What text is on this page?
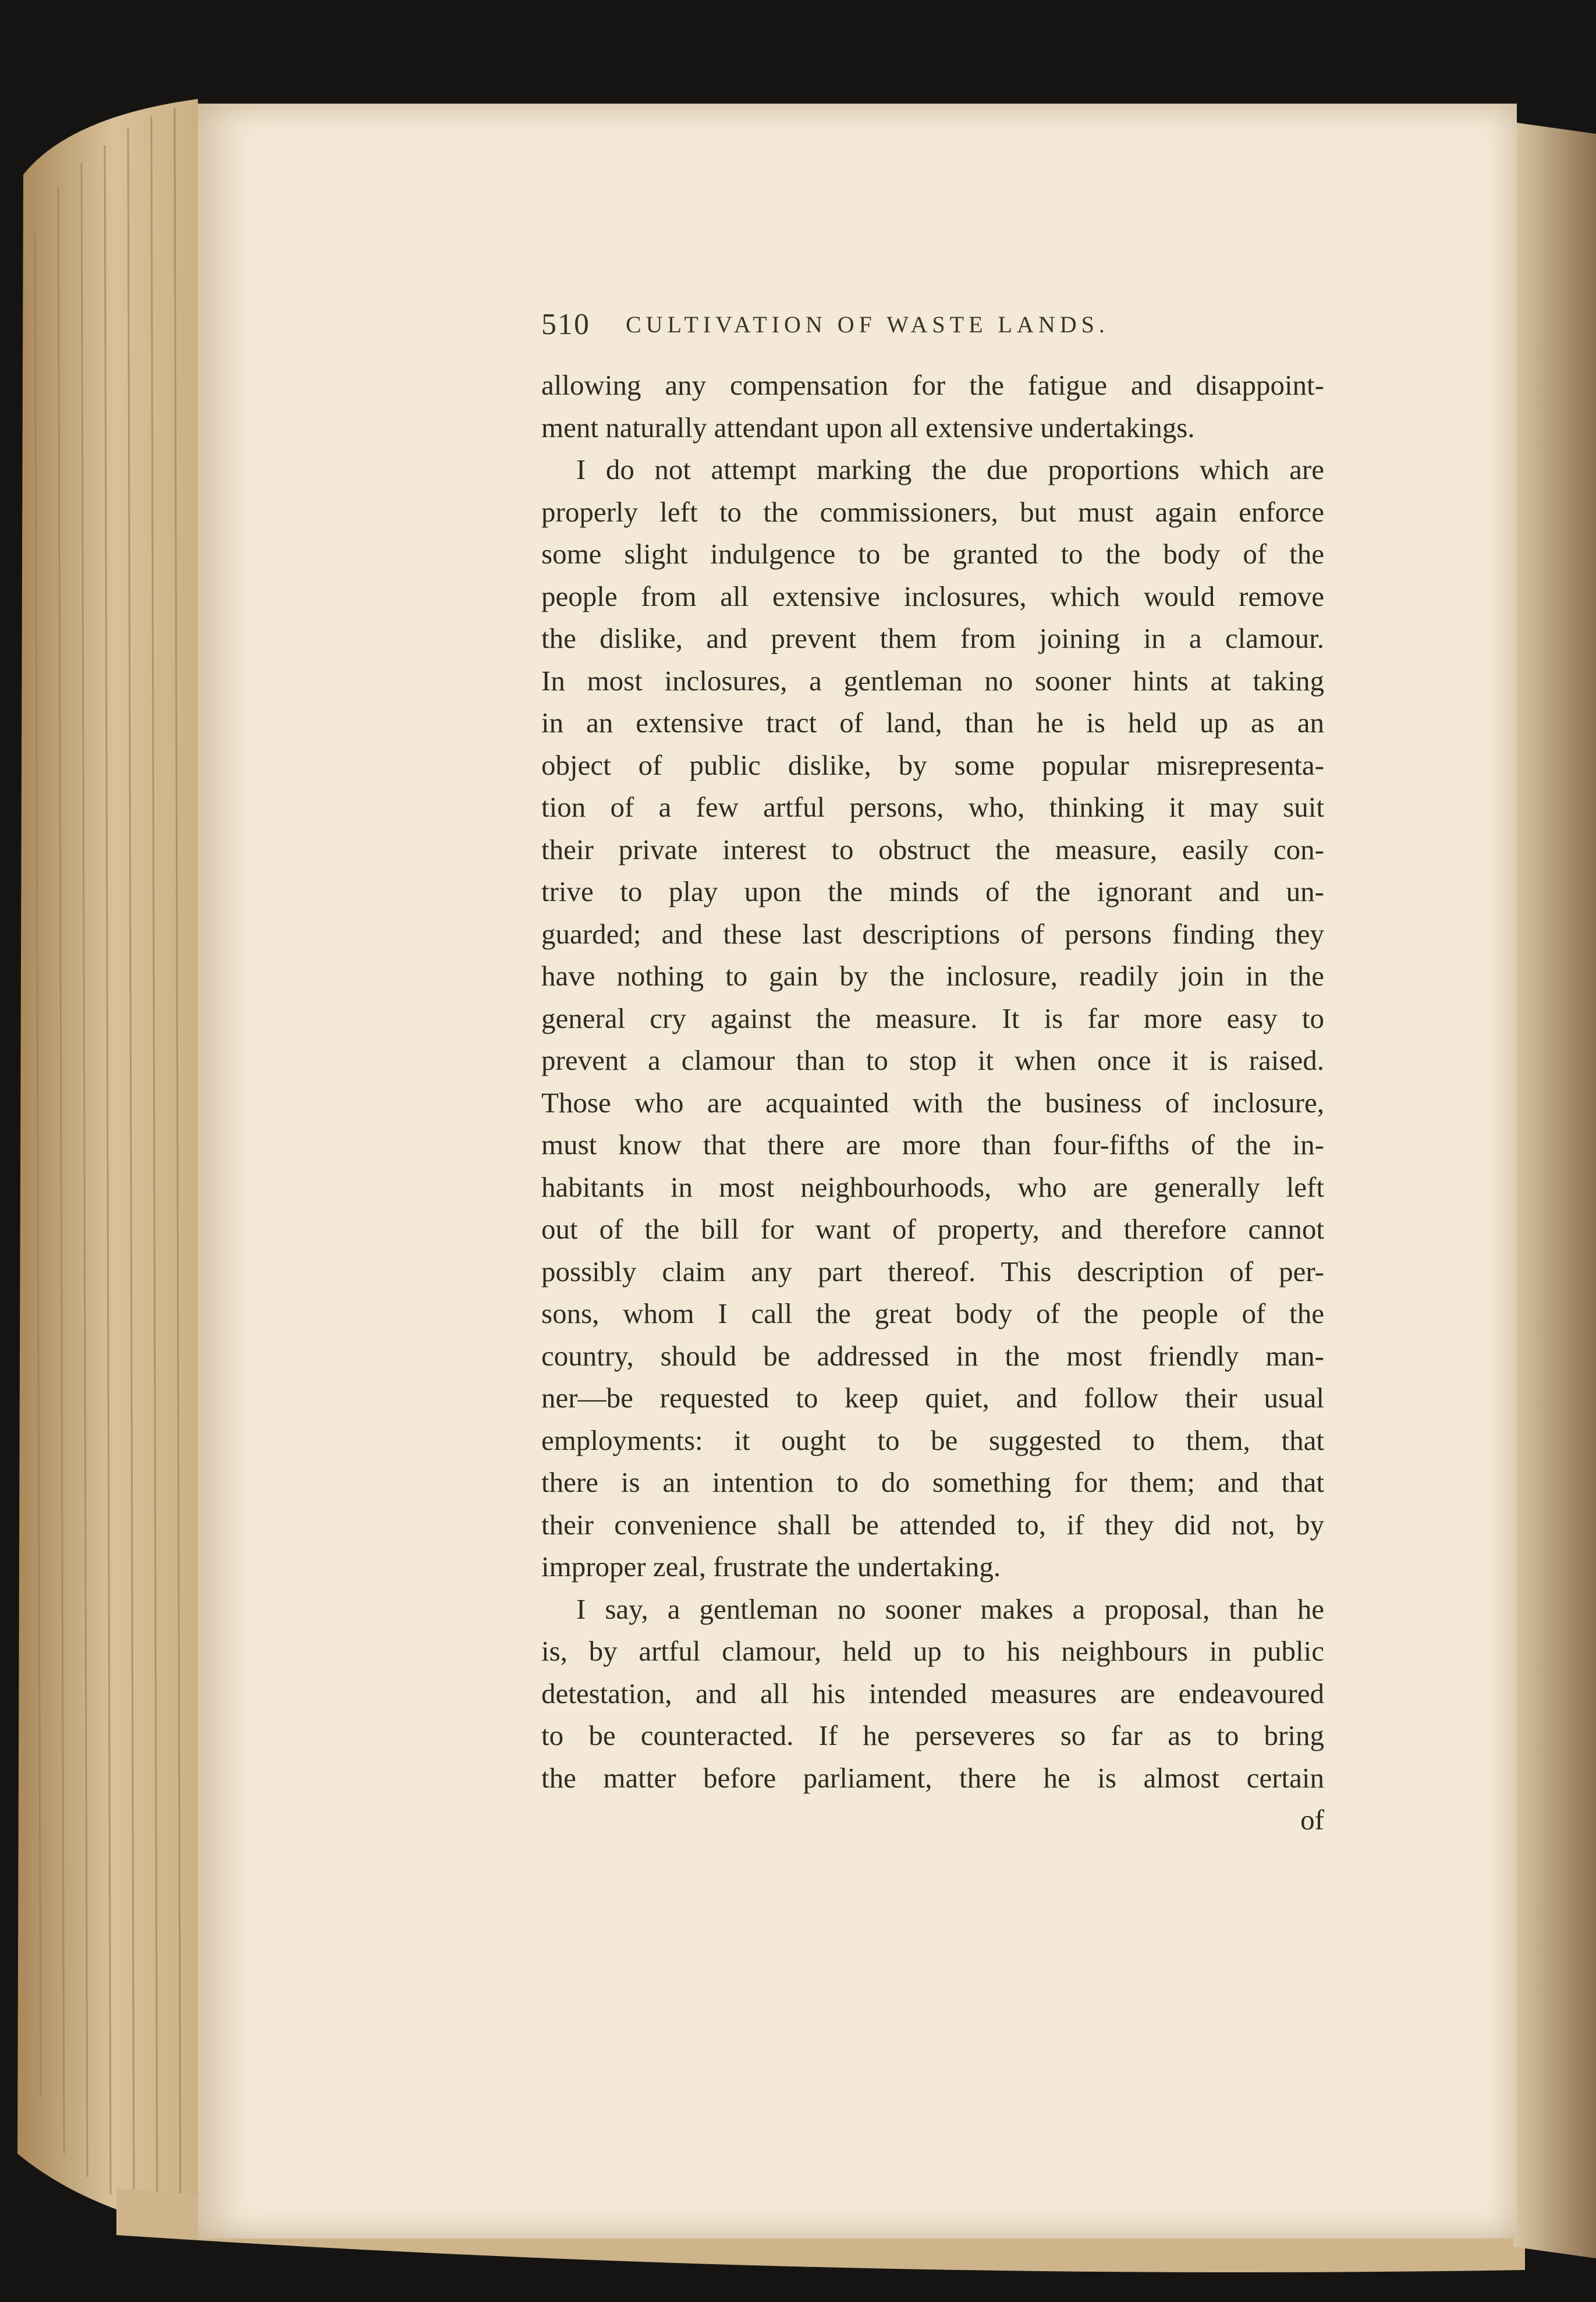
510 CULTIVATION OF WASTE LANDS.
allowing any compensation for the fatigue and disappoint-
ment naturally attendant upon all extensive undertakings.
I do not attempt marking the due proportions which are
properly left to the commissioners, but must again enforce
some slight indulgence to be granted to the body of the
people from all extensive inclosures, which would remove
the dislike, and prevent them from joining in a clamour.
In most inclosures, a gentleman no sooner hints at taking
in an extensive tract of land, than he is held up as an
object of public dislike, by some popular misrepresenta-
tion of a few artful persons, who, thinking it may suit
their private interest to obstruct the measure, easily con-
trive to play upon the minds of the ignorant and un-
guarded; and these last descriptions of persons finding they
have nothing to gain by the inclosure, readily join in the
general cry against the measure. It is far more easy to
prevent a clamour than to stop it when once it is raised.
Those who are acquainted with the business of inclosure,
must know that there are more than four-fifths of the in-
habitants in most neighbourhoods, who are generally left
out of the bill for want of property, and therefore cannot
possibly claim any part thereof. This description of per-
sons, whom I call the great body of the people of the
country, should be addressed in the most friendly man-
ner—be requested to keep quiet, and follow their usual
employments: it ought to be suggested to them, that
there is an intention to do something for them; and that
their convenience shall be attended to, if they did not, by
improper zeal, frustrate the undertaking.
I say, a gentleman no sooner makes a proposal, than he
is, by artful clamour, held up to his neighbours in public
detestation, and all his intended measures are endeavoured
to be counteracted. If he perseveres so far as to bring
the matter before parliament, there he is almost certain
of
